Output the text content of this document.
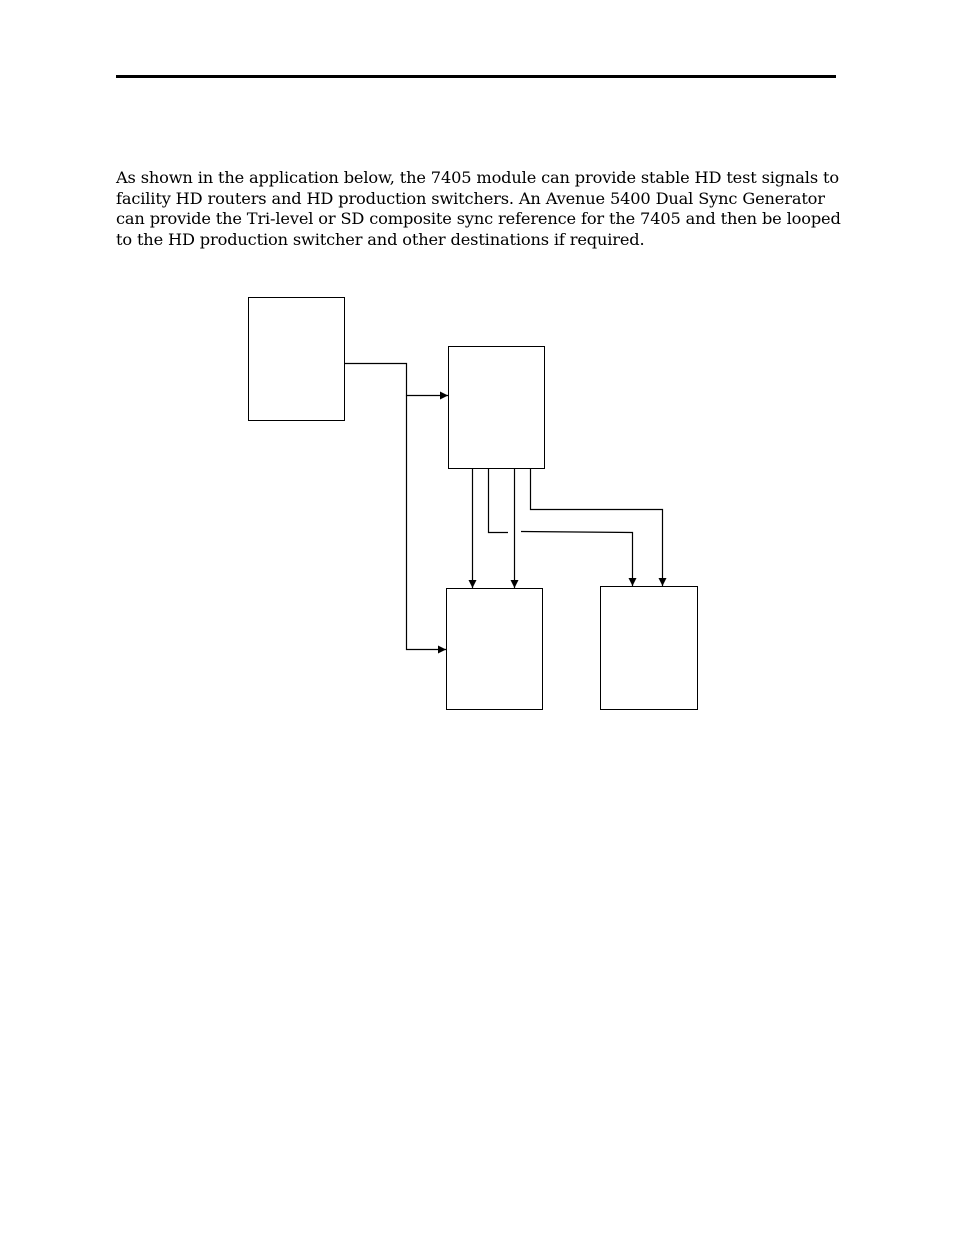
As shown in the application below, the 7405 module can provide stable HD test signals to
facility HD routers and HD production switchers. An Avenue 5400 Dual Sync Generator
can provide the Tri-level or SD composite sync reference for the 7405 and then be looped
to the HD production switcher and other destinations if required.
